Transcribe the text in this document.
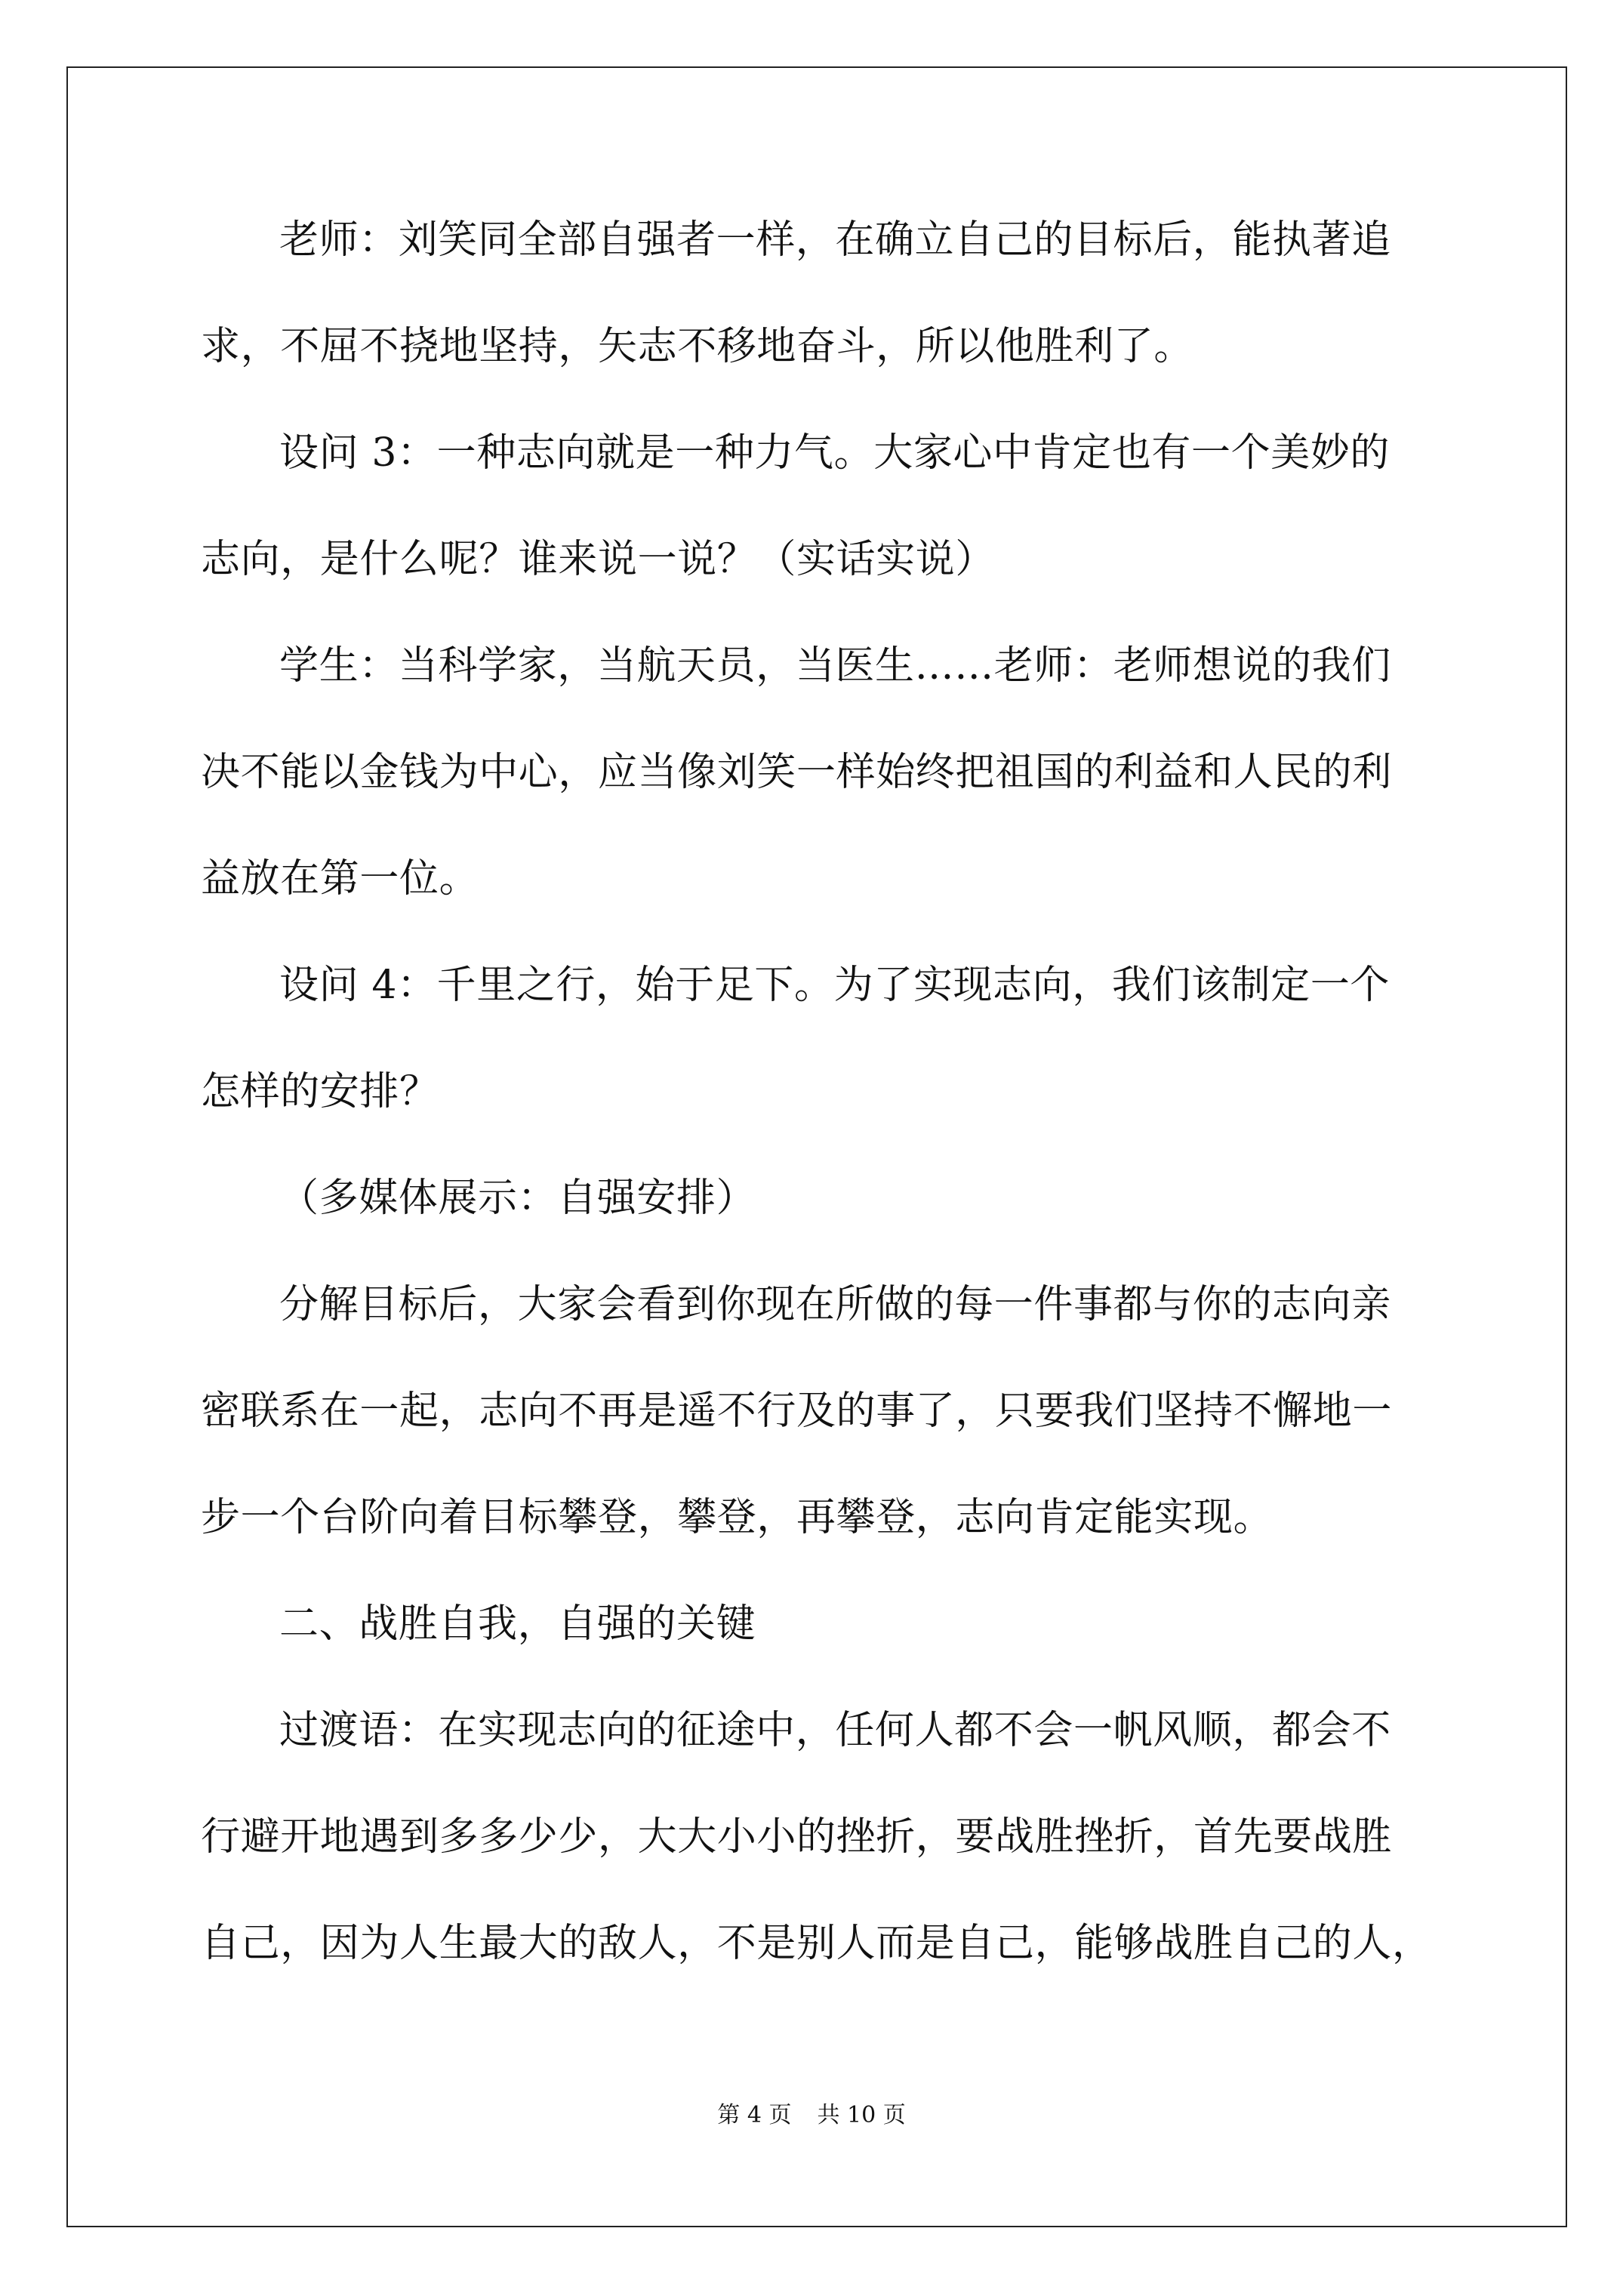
老师：刘笑同全部自强者一样，在确立自己的目标后，能执著追
求，不屈不挠地坚持，矢志不移地奋斗，所以他胜利了。
设问 3：一种志向就是一种力气。大家心中肯定也有一个美妙的
志向，是什么呢？谁来说一说？（实话实说）
学生：当科学家，当航天员，当医生……老师：老师想说的我们
决不能以金钱为中心，应当像刘笑一样始终把祖国的利益和人民的利
益放在第一位。
设问 4：千里之行，始于足下。为了实现志向，我们该制定一个
怎样的安排？
（多媒体展示：自强安排）
分解目标后，大家会看到你现在所做的每一件事都与你的志向亲
密联系在一起，志向不再是遥不行及的事了，只要我们坚持不懈地一
步一个台阶向着目标攀登，攀登，再攀登，志向肯定能实现。
二、战胜自我，自强的关键
过渡语：在实现志向的征途中，任何人都不会一帆风顺，都会不
行避开地遇到多多少少，大大小小的挫折，要战胜挫折，首先要战胜
自己，因为人生最大的敌人，不是别人而是自己，能够战胜自己的人，
第 4 页 共 10 页
